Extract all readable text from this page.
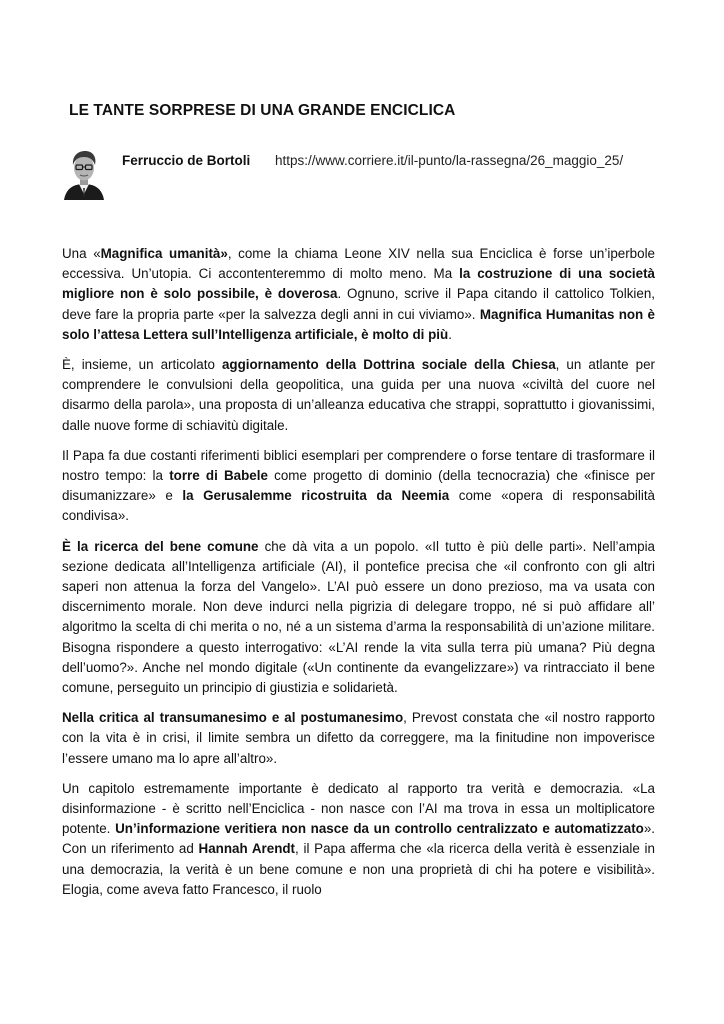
LE TANTE SORPRESE DI UNA GRANDE ENCICLICA
Ferruccio de Bortoli https://www.corriere.it/il-punto/la-rassegna/26_maggio_25/

Una «Magnifica umanità», come la chiama Leone XIV nella sua Enciclica è forse un’iperbole eccessiva. Un’utopia. Ci accontenteremmo di molto meno. Ma la costruzione di una società migliore non è solo possibile, è doverosa. Ognuno, scrive il Papa citando il cattolico Tolkien, deve fare la propria parte «per la salvezza degli anni in cui viviamo». Magnifica Humanitas non è solo l’attesa Lettera sull’Intelligenza artificiale, è molto di più.

È, insieme, un articolato aggiornamento della Dottrina sociale della Chiesa, un atlante per comprendere le convulsioni della geopolitica, una guida per una nuova «civiltà del cuore nel disarmo della parola», una proposta di un’alleanza educativa che strappi, soprattutto i giovanissimi, dalle nuove forme di schiavitù digitale.

Il Papa fa due costanti riferimenti biblici esemplari per comprendere o forse tentare di trasformare il nostro tempo: la torre di Babele come progetto di dominio (della tecnocrazia) che «finisce per disumanizzare» e la Gerusalemme ricostruita da Neemia come «opera di responsabilità condivisa».

È la ricerca del bene comune che dà vita a un popolo. «Il tutto è più delle parti». Nell’ampia sezione dedicata all’Intelligenza artificiale (AI), il pontefice precisa che «il confronto con gli altri saperi non attenua la forza del Vangelo». L’AI può essere un dono prezioso, ma va usata con discernimento morale. Non deve indurci nella pigrizia di delegare troppo, né si può affidare all’ algoritmo la scelta di chi merita o no, né a un sistema d’arma la responsabilità di un’azione militare. Bisogna rispondere a questo interrogativo: «L’AI rende la vita sulla terra più umana? Più degna dell’uomo?». Anche nel mondo digitale («Un continente da evangelizzare») va rintracciato il bene comune, perseguito un principio di giustizia e solidarietà.

Nella critica al transumanesimo e al postumanesimo, Prevost constata che «il nostro rapporto con la vita è in crisi, il limite sembra un difetto da correggere, ma la finitudine non impoverisce l’essere umano ma lo apre all’altro».

Un capitolo estremamente importante è dedicato al rapporto tra verità e democrazia. «La disinformazione - è scritto nell’Enciclica - non nasce con l’AI ma trova in essa un moltiplicatore potente. Un’informazione veritiera non nasce da un controllo centralizzato e automatizzato». Con un riferimento ad Hannah Arendt, il Papa afferma che «la ricerca della verità è essenziale in una democrazia, la verità è un bene comune e non una proprietà di chi ha potere e visibilità». Elogia, come aveva fatto Francesco, il ruolo
